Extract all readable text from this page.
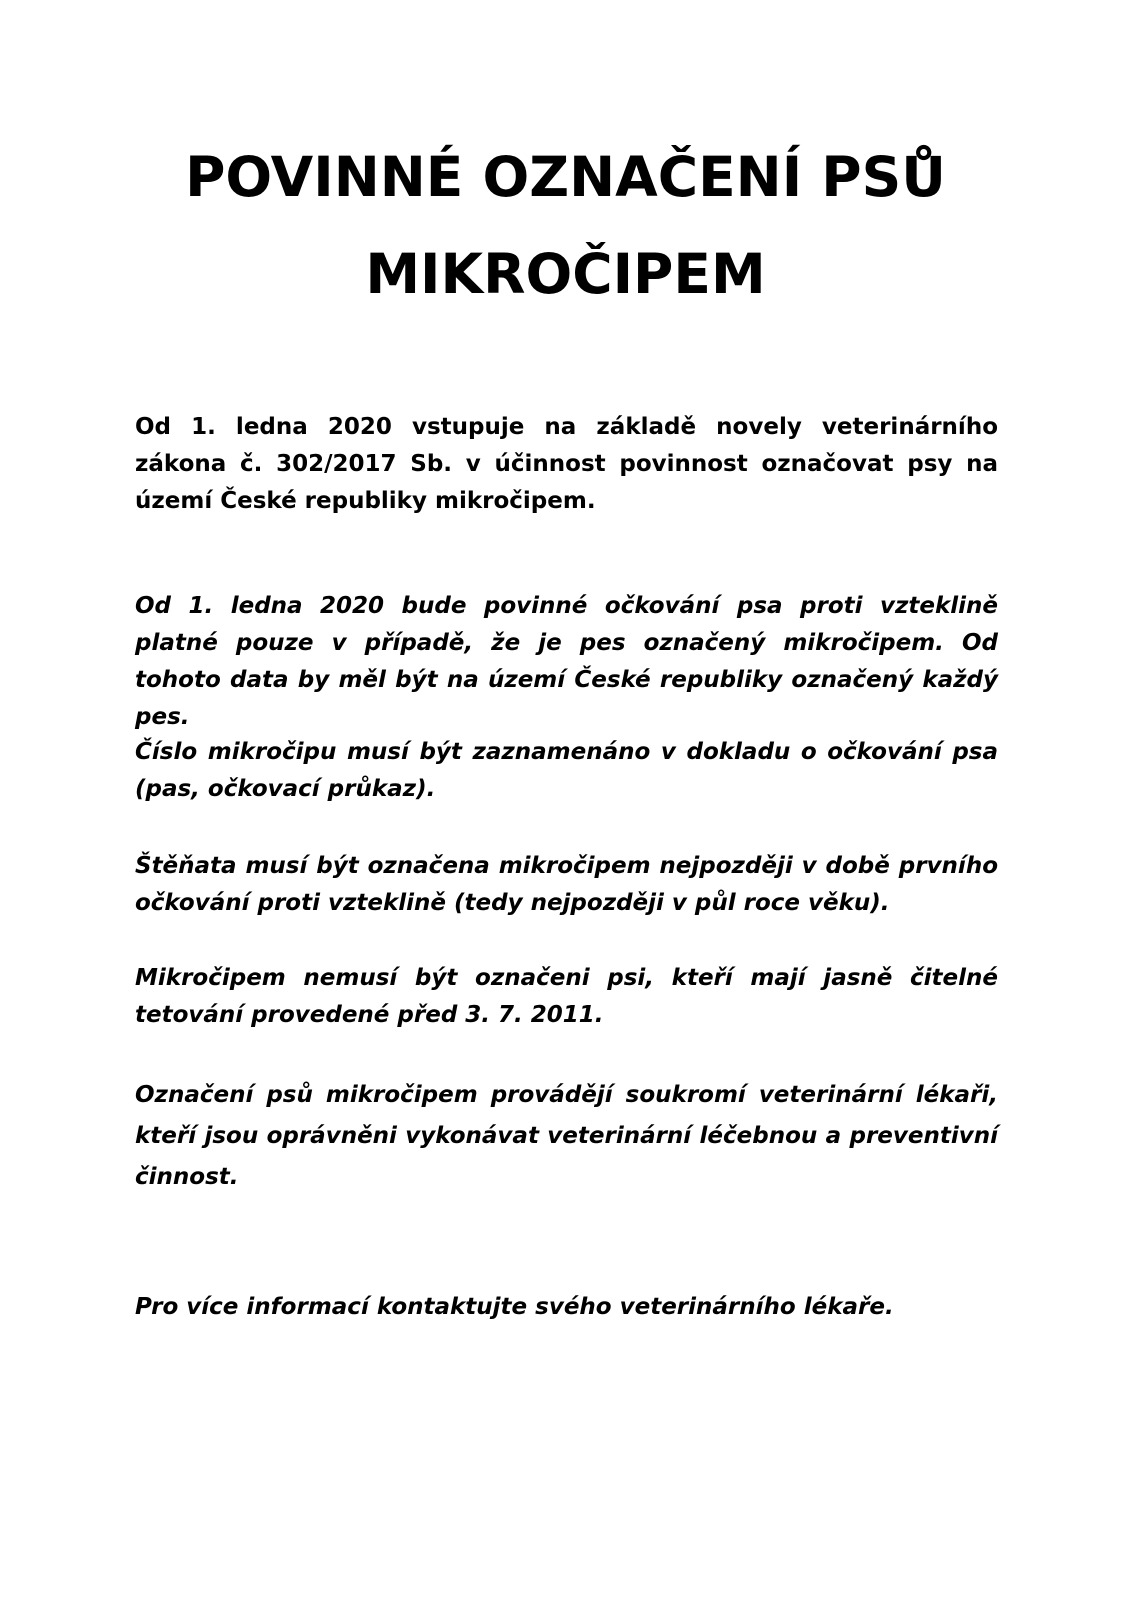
POVINNÉ OZNAČENÍ PSŮ
MIKROČIPEM

Od 1. ledna 2020 vstupuje na základě novely veterinárního zákona č. 302/2017 Sb. v účinnost povinnost označovat psy na území České republiky mikročipem.

Od 1. ledna 2020 bude povinné očkování psa proti vzteklině platné pouze v případě, že je pes označený mikročipem. Od tohoto data by měl být na území České republiky označený každý pes.

Číslo mikročipu musí být zaznamenáno v dokladu o očkování psa (pas, očkovací průkaz).

Štěňata musí být označena mikročipem nejpozději v době prvního očkování proti vzteklině (tedy nejpozději v půl roce věku).

Mikročipem nemusí být označeni psi, kteří mají jasně čitelné tetování provedené před 3. 7. 2011.

Označení psů mikročipem provádějí soukromí veterinární lékaři, kteří jsou oprávněni vykonávat veterinární léčebnou a preventivní činnost.

Pro více informací kontaktujte svého veterinárního lékaře.
